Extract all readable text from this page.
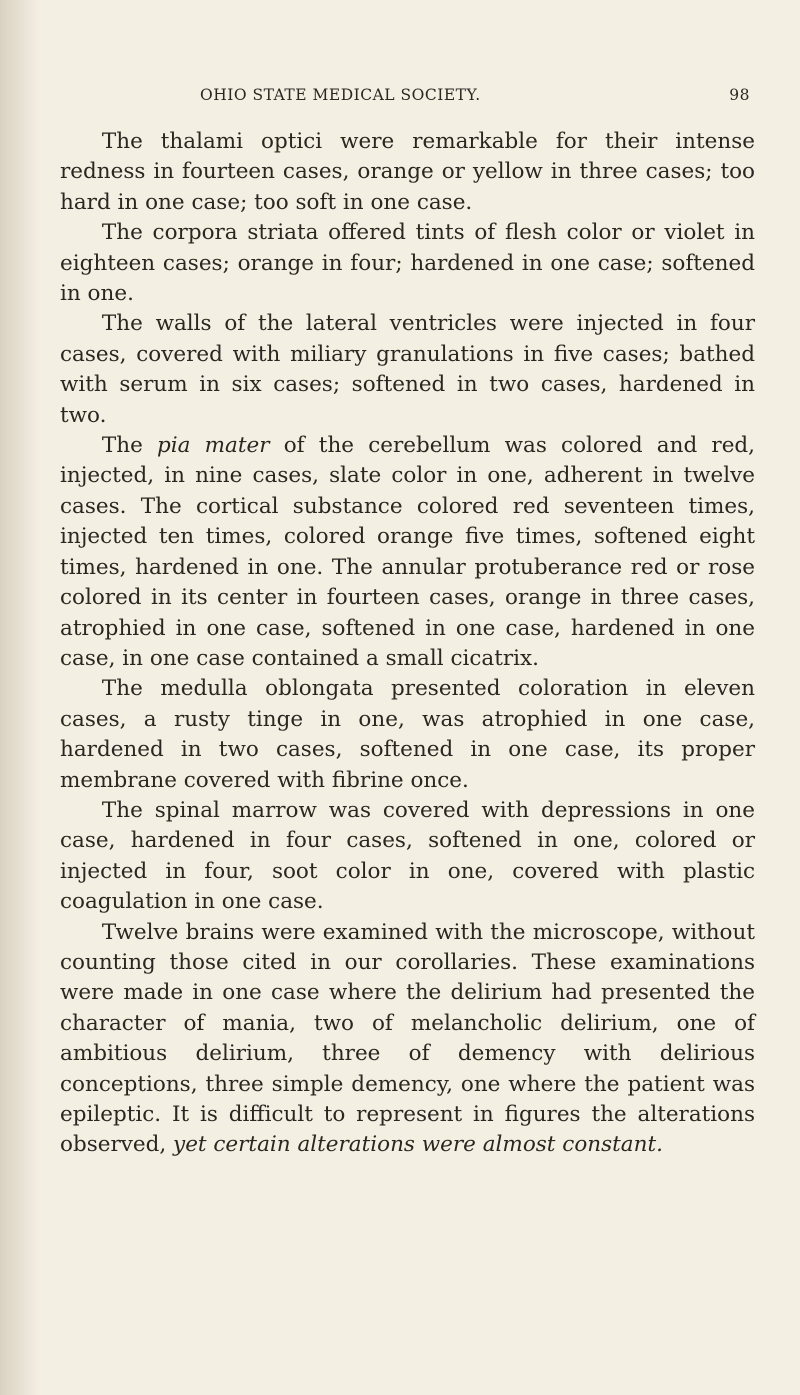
OHIO STATE MEDICAL SOCIETY.	98

The thalami optici were remarkable for their intense redness in fourteen cases, orange or yellow in three cases; too hard in one case; too soft in one case.

The corpora striata offered tints of flesh color or violet in eighteen cases; orange in four; hardened in one case; softened in one.

The walls of the lateral ventricles were injected in four cases, covered with miliary granulations in five cases; bathed with serum in six cases; softened in two cases, hardened in two.

The pia mater of the cerebellum was colored and red, injected, in nine cases, slate color in one, adherent in twelve cases. The cortical substance colored red seventeen times, injected ten times, colored orange five times, softened eight times, hardened in one. The annular protuberance red or rose colored in its center in fourteen cases, orange in three cases, atrophied in one case, softened in one case, hardened in one case, in one case contained a small cicatrix.

The medulla oblongata presented coloration in eleven cases, a rusty tinge in one, was atrophied in one case, hardened in two cases, softened in one case, its proper membrane covered with fibrine once.

The spinal marrow was covered with depressions in one case, hardened in four cases, softened in one, colored or injected in four, soot color in one, covered with plastic coagulation in one case.

Twelve brains were examined with the microscope, without counting those cited in our corollaries. These examinations were made in one case where the delirium had presented the character of mania, two of melancholic delirium, one of ambitious delirium, three of demency with delirious conceptions, three simple demency, one where the patient was epileptic. It is difficult to represent in figures the alterations observed, yet certain alterations were almost constant.
